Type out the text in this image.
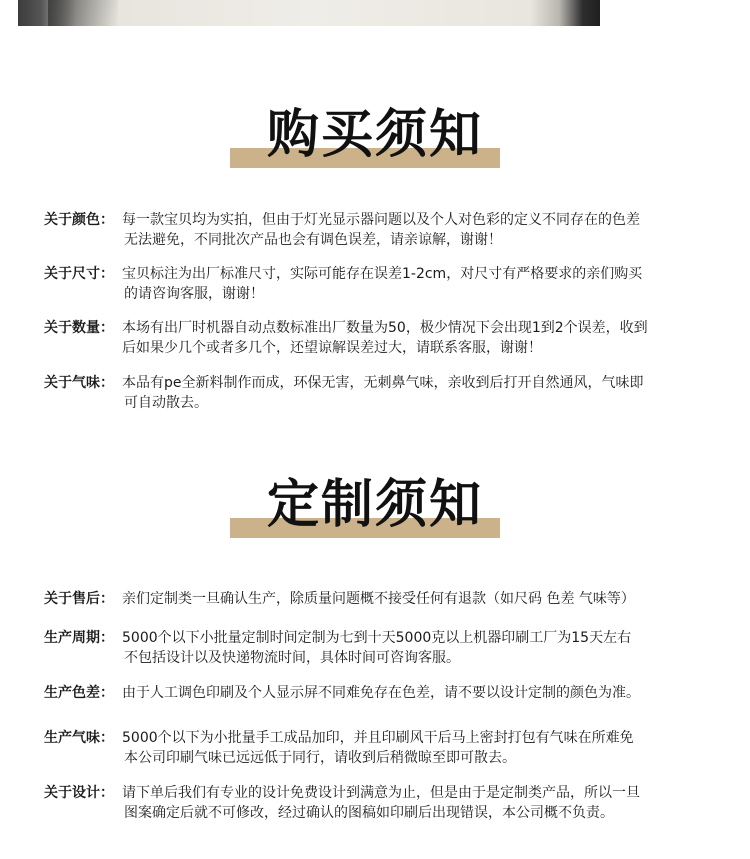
购买须知
关于颜色： 每一款宝贝均为实拍，但由于灯光显示器问题以及个人对色彩的定义不同存在的色差
无法避免，不同批次产品也会有调色误差，请亲谅解，谢谢！
关于尺寸： 宝贝标注为出厂标准尺寸，实际可能存在误差1-2cm，对尺寸有严格要求的亲们购买
的请咨询客服，谢谢！
关于数量： 本场有出厂时机器自动点数标准出厂数量为50，极少情况下会出现1到2个误差，收到
后如果少几个或者多几个，还望谅解误差过大，请联系客服，谢谢！
关于气味： 本品有pe全新料制作而成，环保无害，无刺鼻气味，亲收到后打开自然通风，气味即
可自动散去。
定制须知
关于售后： 亲们定制类一旦确认生产，除质量问题概不接受任何有退款（如尺码 色差 气味等）
生产周期： 5000个以下小批量定制时间定制为七到十天5000克以上机器印刷工厂为15天左右
不包括设计以及快递物流时间，具体时间可咨询客服。
生产色差： 由于人工调色印刷及个人显示屏不同难免存在色差，请不要以设计定制的颜色为准。
生产气味： 5000个以下为小批量手工成品加印，并且印刷风干后马上密封打包有气味在所难免
本公司印刷气味已远远低于同行，请收到后稍微晾至即可散去。
关于设计： 请下单后我们有专业的设计免费设计到满意为止，但是由于是定制类产品，所以一旦
图案确定后就不可修改，经过确认的图稿如印刷后出现错误，本公司概不负责。
